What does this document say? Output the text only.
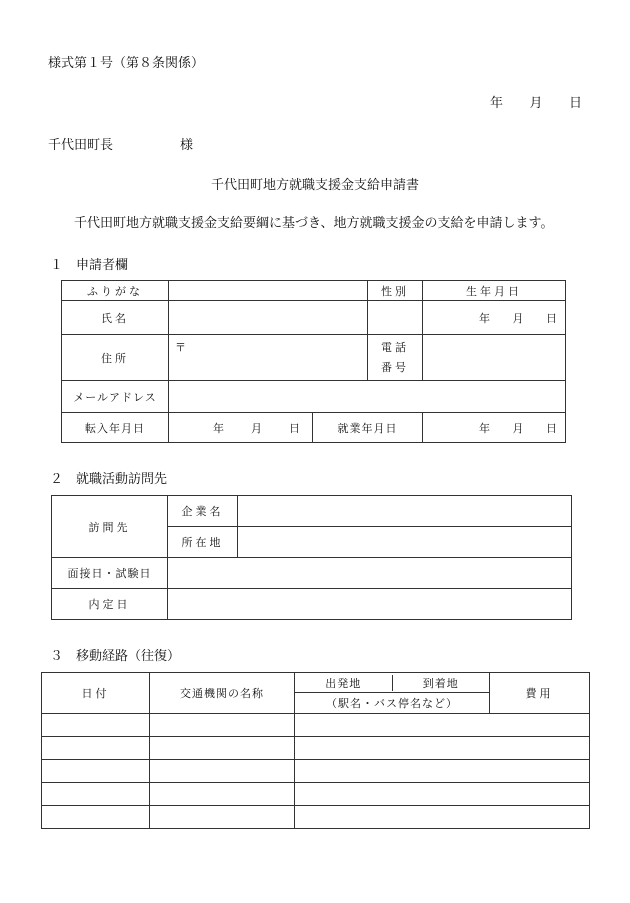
様式第１号（第８条関係）
年 月 日
千代田町長	様
千代田町地方就職支援金支給申請書
千代田町地方就職支援金支給要綱に基づき、地方就職支援金の支給を申請します。
１　申請者欄
ふりがな			性別	生年月日
氏名				年 月 日

住所	〒		電話
番号	

メールアドレス				
転入年月日	年 月 日	就業年月日		年 月 日
２　就職活動訪問先
訪問先	企業名	
	所在地	
面接日・試験日		
内定日		
３　移動経路（往復）
日付	交通機関の名称	出発地 到着地	費用
		（駅名・バス停名など）	
